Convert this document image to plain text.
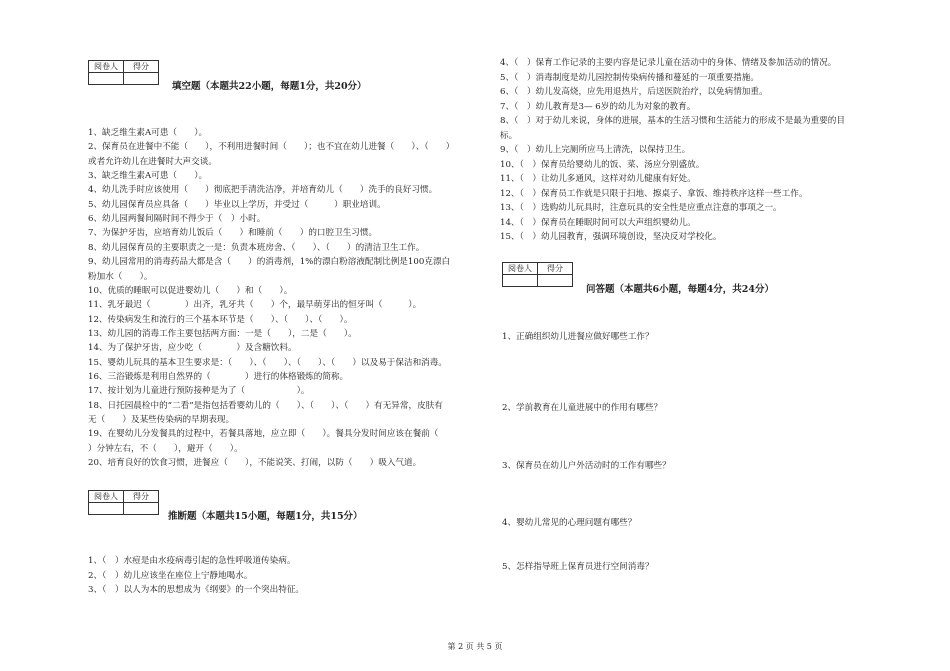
阅卷人	得分

填空题（本题共22小题，每题1分，共20分）
1、缺乏维生素A可患（　　）。
2、保育员在进餐中不能（　　），不利用进餐时间（　　）；也不宜在幼儿进餐（　　）、（　　）
或者允许幼儿在进餐时大声交谈。
3、缺乏维生素A可患（　　）。
4、幼儿洗手时应该使用（　　）彻底把手清洗洁净，并培育幼儿（　　）洗手的良好习惯。
5、幼儿园保育员应具备（　　）毕业以上学历，并受过（　　　）职业培训。
6、幼儿园两餐间隔时间不得少于（　）小时。
7、为保护牙齿，应培育幼儿饭后（　　）和睡前（　　）的口腔卫生习惯。
8、幼儿园保育员的主要职责之一是：负责本班房舍、（　　）、（　　）的清洁卫生工作。
9、幼儿园常用的消毒药品大都是含（　　）的消毒剂，1%的漂白粉溶液配制比例是100克漂白
粉加水（　　）。
10、优质的睡眠可以促进婴幼儿（　　）和（　　）。
11、乳牙最迟（　　　　）出齐，乳牙共（　　）个，最早萌芽出的恒牙叫（　　　）。
12、传染病发生和流行的三个基本环节是（　　）、（　　）、（　　）。
13、幼儿园的消毒工作主要包括两方面：一是（　　），二是（　　）。
14、为了保护牙齿，应少吃（　　　　）及含糖饮料。
15、婴幼儿玩具的基本卫生要求是：（　　）、（　　）、（　　）、（　　）以及易于保洁和消毒。
16、三浴锻炼是利用自然界的（　　　　）进行的体格锻炼的简称。
17、按计划为儿童进行预防接种是为了（　　　　　　）。
18、日托园晨检中的“二看”是指包括看婴幼儿的（　　）、（　　）、（　　）有无异常，皮肤有
无（　　）及某些传染病的早期表现。
19、在婴幼儿分发餐具的过程中，若餐具落地，应立即（　　）。餐具分发时间应该在餐前（
）分钟左右，不（　　），避开（　　）。
20、培育良好的饮食习惯，进餐应（　　），不能说笑、打闹，以防（　　）吸入气道。
阅卷人	得分

推断题（本题共15小题，每题1分，共15分）
1、（　）水痘是由水疫病毒引起的急性呼吸道传染病。
2、（　）幼儿应该坐在座位上宁静地喝水。
3、（　）以人为本的思想成为《纲要》的一个突出特征。
4、（　）保育工作记录的主要内容是记录儿童在活动中的身体、情绪及参加活动的情况。
5、（　）消毒制度是幼儿园控制传染病传播和蔓延的一项重要措施。
6、（　）幼儿发高烧，应先用退热片，后送医院治疗，以免病情加重。
7、（　）幼儿教育是3— 6岁的幼儿为对象的教育。
8、（　）对于幼儿来说，身体的进展，基本的生活习惯和生活能力的形成不是最为重要的目
标。
9、（　）幼儿上完厕所应马上清洗，以保持卫生。
10、（　）保育员给婴幼儿的饭、菜、汤应分别盛放。
11、（　）让幼儿多通风，这样对幼儿健康有好处。
12、（　）保育员工作就是只限于扫地、擦桌子、拿饭、维持秩序这样一些工作。
13、（　）选购幼儿玩具时，注意玩具的安全性是应重点注意的事项之一。
14、（　）保育员在睡眠时间可以大声组织婴幼儿。
15、（　）幼儿园教育，强调环境创设，坚决反对学校化。
阅卷人	得分

问答题（本题共6小题，每题4分，共24分）
1、正确组织幼儿进餐应做好哪些工作？
2、学前教育在儿童进展中的作用有哪些？
3、保育员在幼儿户外活动时的工作有哪些？
4、婴幼儿常见的心理问题有哪些？
5、怎样指导班上保育员进行空间消毒？
第 2 页 共 5 页
